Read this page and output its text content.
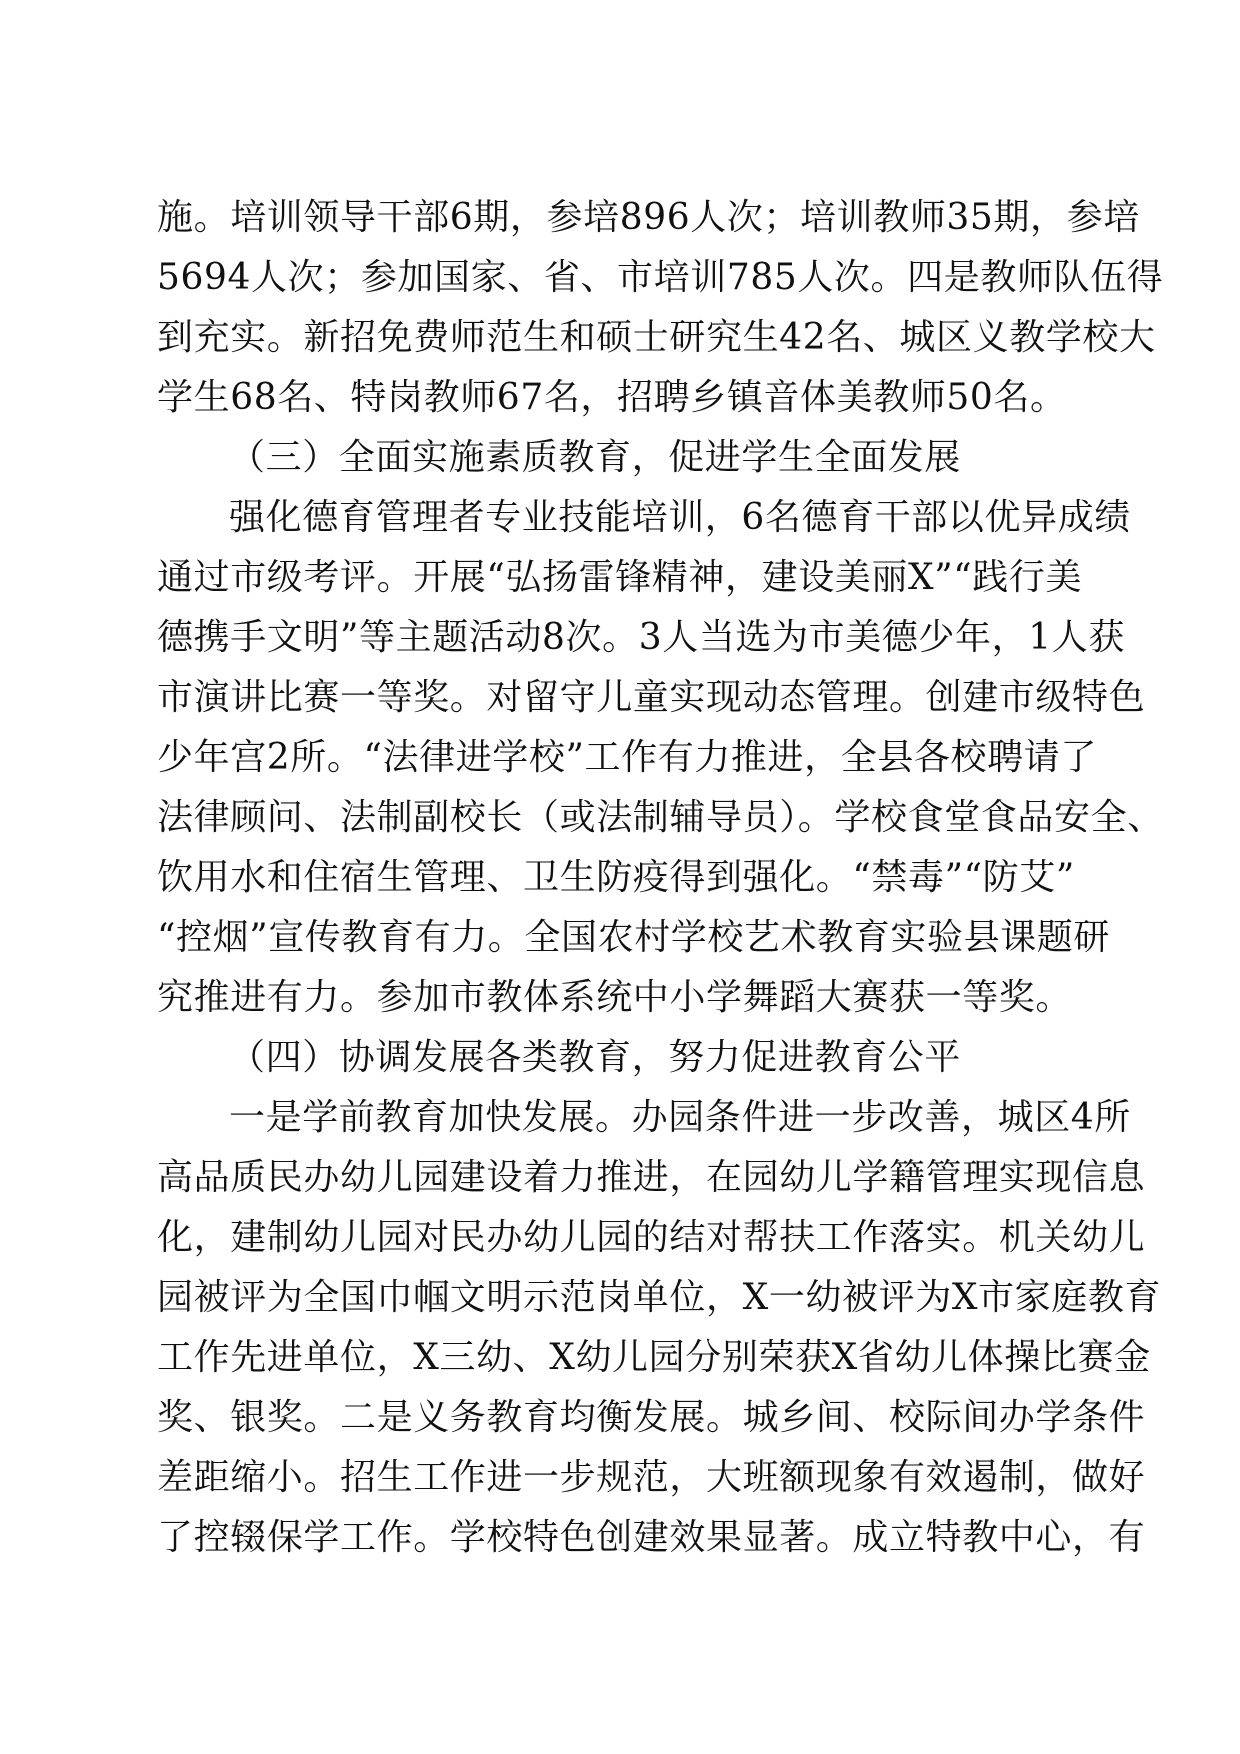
施。培训领导干部6期，参培896人次；培训教师35期，参培
5694人次；参加国家、省、市培训785人次。四是教师队伍得
到充实。新招免费师范生和硕士研究生42名、城区义教学校大
学生68名、特岗教师67名，招聘乡镇音体美教师50名。
（三）全面实施素质教育，促进学生全面发展
强化德育管理者专业技能培训，6名德育干部以优异成绩
通过市级考评。开展“弘扬雷锋精神，建设美丽X”“践行美
德携手文明”等主题活动8次。3人当选为市美德少年，1人获
市演讲比赛一等奖。对留守儿童实现动态管理。创建市级特色
少年宫2所。“法律进学校”工作有力推进，全县各校聘请了
法律顾问、法制副校长（或法制辅导员）。学校食堂食品安全、
饮用水和住宿生管理、卫生防疫得到强化。“禁毒”“防艾”
“控烟”宣传教育有力。全国农村学校艺术教育实验县课题研
究推进有力。参加市教体系统中小学舞蹈大赛获一等奖。
（四）协调发展各类教育，努力促进教育公平
一是学前教育加快发展。办园条件进一步改善，城区4所
高品质民办幼儿园建设着力推进，在园幼儿学籍管理实现信息
化，建制幼儿园对民办幼儿园的结对帮扶工作落实。机关幼儿
园被评为全国巾帼文明示范岗单位，X一幼被评为X市家庭教育
工作先进单位，X三幼、X幼儿园分别荣获X省幼儿体操比赛金
奖、银奖。二是义务教育均衡发展。城乡间、校际间办学条件
差距缩小。招生工作进一步规范，大班额现象有效遏制，做好
了控辍保学工作。学校特色创建效果显著。成立特教中心，有
